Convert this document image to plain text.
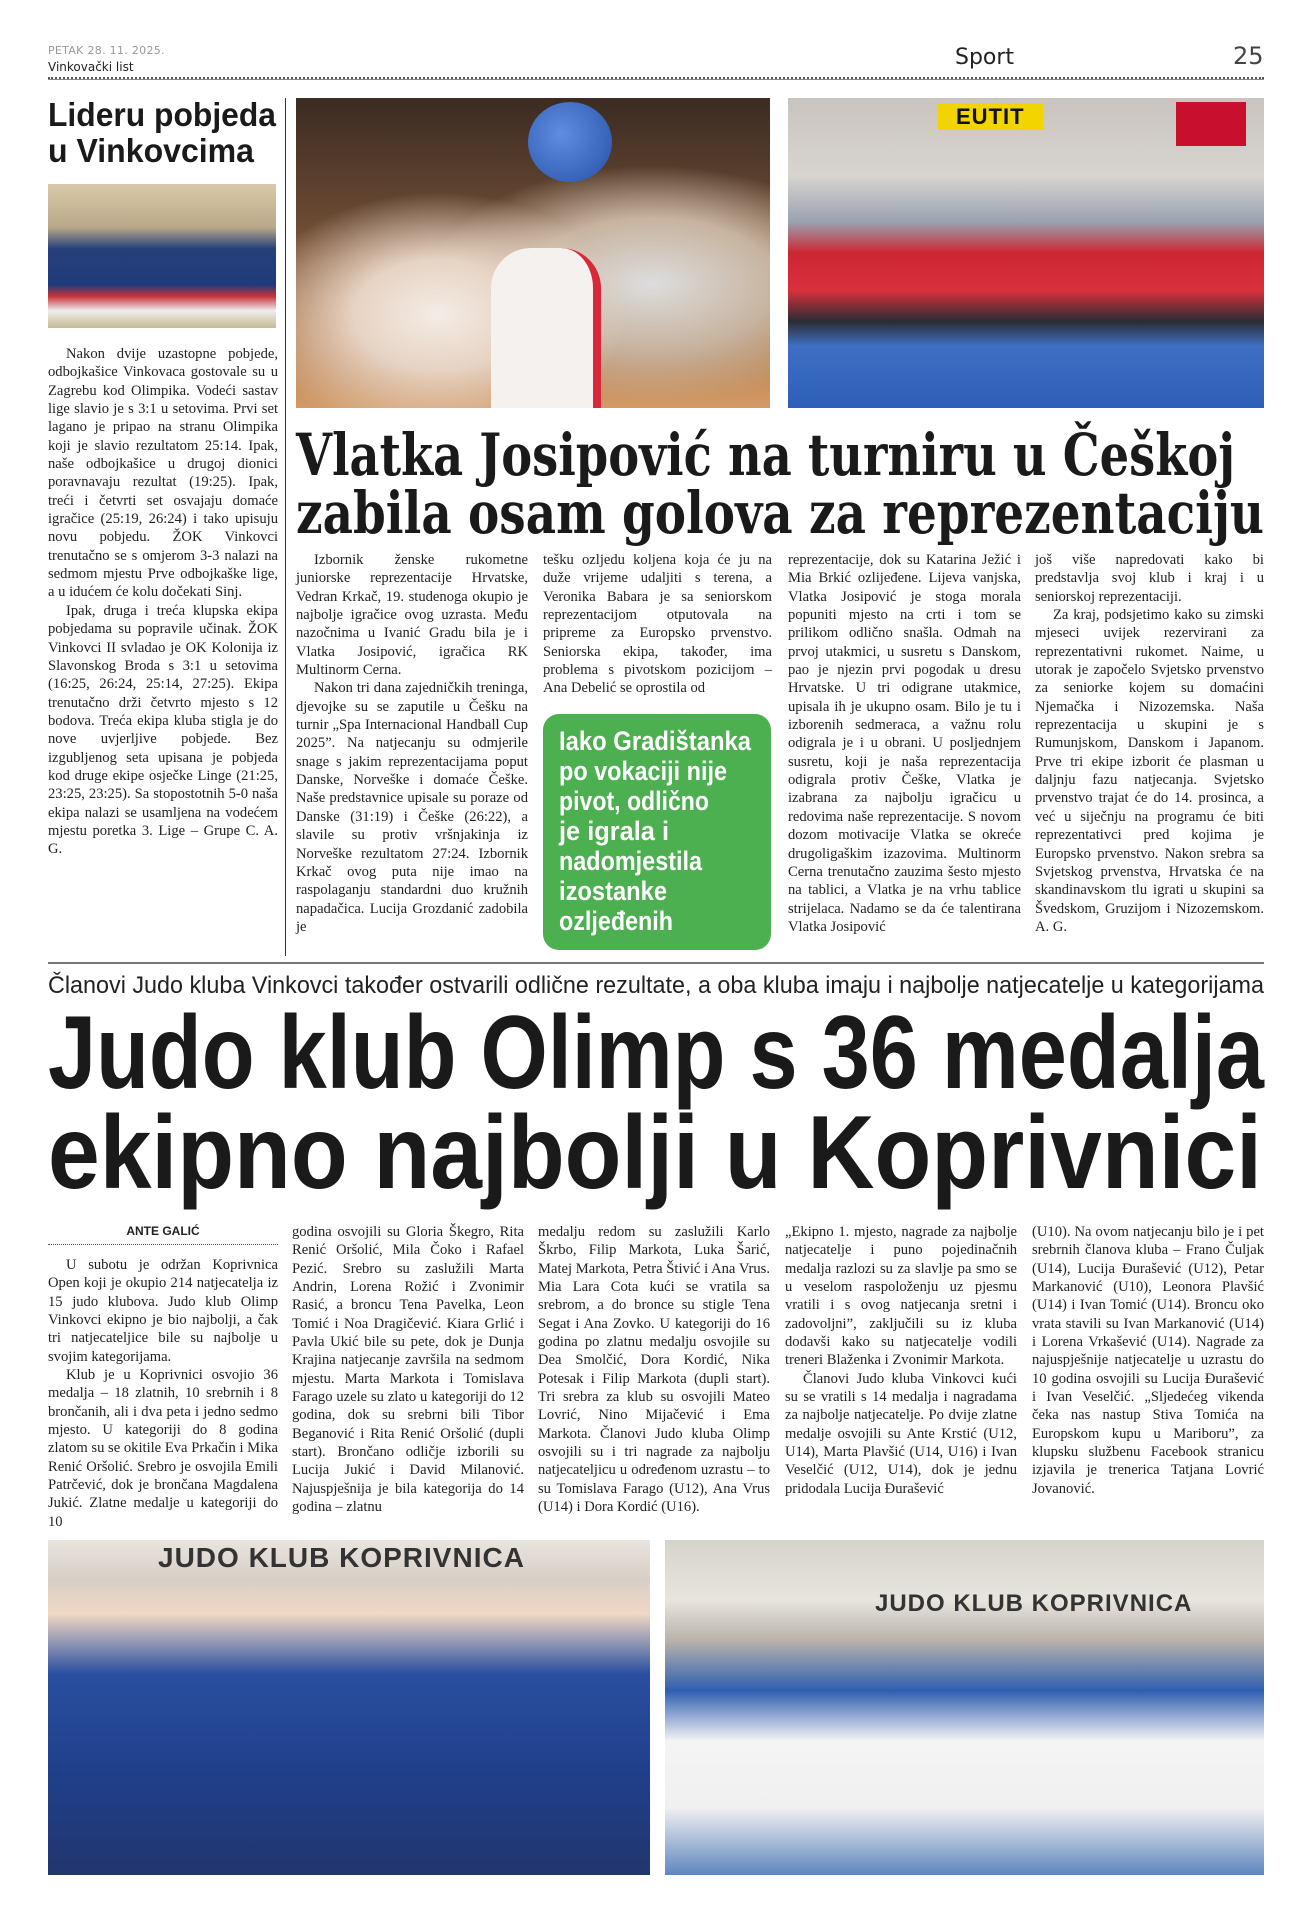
PETAK 28. 11. 2025.
Vinkovački list	Sport	25
Lideru pobjeda
u Vinkovcima

Nakon dvije uzastopne pobjede, odbojkašice Vinkovaca gostovale su u Zagrebu kod Olimpika. Vodeći sastav lige slavio je s 3:1 u setovima. Prvi set lagano je pripao na stranu Olimpika koji je slavio rezultatom 25:14. Ipak, naše odbojkašice u drugoj dionici poravnavaju rezultat (19:25). Ipak, treći i četvrti set osvajaju domaće igračice (25:19, 26:24) i tako upisuju novu pobjedu. ŽOK Vinkovci trenutačno se s omjerom 3-3 nalazi na sedmom mjestu Prve odbojkaške lige, a u idućem će kolu dočekati Sinj.

Ipak, druga i treća klupska ekipa pobjedama su popravile učinak. ŽOK Vinkovci II svladao je OK Kolonija iz Slavonskog Broda s 3:1 u setovima (16:25, 26:24, 25:14, 27:25). Ekipa trenutačno drži četvrto mjesto s 12 bodova. Treća ekipa kluba stigla je do nove uvjerljive pobjede. Bez izgubljenog seta upisana je pobjeda kod druge ekipe osječke Linge (21:25, 23:25, 23:25). Sa stopostotnih 5-0 naša ekipa nalazi se usamljena na vodećem mjestu poretka 3. Lige – Grupe C. A. G.

EUTIT
Vlatka Josipović na turniru u Češkoj
zabila osam golova za reprezentaciju

Izbornik ženske rukometne juniorske reprezentacije Hrvatske, Vedran Krkač, 19. studenoga okupio je najbolje igračice ovog uzrasta. Među nazočnima u Ivanić Gradu bila je i Vlatka Josipović, igračica RK Multinorm Cerna.

Nakon tri dana zajedničkih treninga, djevojke su se zaputile u Češku na turnir „Spa Internacional Handball Cup 2025”. Na natjecanju su odmjerile snage s jakim reprezentacijama poput Danske, Norveške i domaće Češke. Naše predstavnice upisale su poraze od Danske (31:19) i Češke (26:22), a slavile su protiv vršnjakinja iz Norveške rezultatom 27:24. Izbornik Krkač ovog puta nije imao na raspolaganju standardni duo kružnih napadačica. Lucija Grozdanić zadobila je

tešku ozljedu koljena koja će ju na duže vrijeme udaljiti s terena, a Veronika Babara je sa seniorskom reprezentacijom otputovala na pripreme za Europsko prvenstvo. Seniorska ekipa, također, ima problema s pivotskom pozicijom – Ana Debelić se oprostila od

Iako Gradištanka
po vokaciji nije
pivot, odlično
je igrala i
nadomjestila
izostanke
ozljeđenih

reprezentacije, dok su Katarina Ježić i Mia Brkić ozlijeđene. Lijeva vanjska, Vlatka Josipović je stoga morala popuniti mjesto na crti i tom se prilikom odlično snašla. Odmah na prvoj utakmici, u susretu s Danskom, pao je njezin prvi pogodak u dresu Hrvatske. U tri odigrane utakmice, upisala ih je ukupno osam. Bilo je tu i izborenih sedmeraca, a važnu rolu odigrala je i u obrani. U posljednjem susretu, koji je naša reprezentacija odigrala protiv Češke, Vlatka je izabrana za najbolju igračicu u redovima naše reprezentacije. S novom dozom motivacije Vlatka se okreće drugoligaškim izazovima. Multinorm Cerna trenutačno zauzima šesto mjesto na tablici, a Vlatka je na vrhu tablice strijelaca. Nadamo se da će talentirana Vlatka Josipović

još više napredovati kako bi predstavlja svoj klub i kraj i u seniorskoj reprezentaciji.

Za kraj, podsjetimo kako su zimski mjeseci uvijek rezervirani za reprezentativni rukomet. Naime, u utorak je započelo Svjetsko prvenstvo za seniorke kojem su domaćini Njemačka i Nizozemska. Naša reprezentacija u skupini je s Rumunjskom, Danskom i Japanom. Prve tri ekipe izborit će plasman u daljnju fazu natjecanja. Svjetsko prvenstvo trajat će do 14. prosinca, a već u siječnju na programu će biti reprezentativci pred kojima je Europsko prvenstvo. Nakon srebra sa Svjetskog prvenstva, Hrvatska će na skandinavskom tlu igrati u skupini sa Švedskom, Gruzijom i Nizozemskom. A. G.

Članovi Judo kluba Vinkovci također ostvarili odlične rezultate, a oba kluba imaju i najbolje natjecatelje u kategorijama
Judo klub Olimp s 36 medalja
ekipno najbolji u Koprivnici
ANTE GALIĆ

U subotu je održan Koprivnica Open koji je okupio 214 natjecatelja iz 15 judo klubova. Judo klub Olimp Vinkovci ekipno je bio najbolji, a čak tri natjecateljice bile su najbolje u svojim kategorijama.

Klub je u Koprivnici osvojio 36 medalja – 18 zlatnih, 10 srebrnih i 8 brončanih, ali i dva peta i jedno sedmo mjesto. U kategoriji do 8 godina zlatom su se okitile Eva Prkačin i Mika Renić Oršolić. Srebro je osvojila Emili Patrčević, dok je brončana Magdalena Jukić. Zlatne medalje u kategoriji do 10

godina osvojili su Gloria Škegro, Rita Renić Oršolić, Mila Čoko i Rafael Pezić. Srebro su zaslužili Marta Andrin, Lorena Rožić i Zvonimir Rasić, a broncu Tena Pavelka, Leon Tomić i Noa Dragičević. Kiara Grlić i Pavla Ukić bile su pete, dok je Dunja Krajina natjecanje završila na sedmom mjestu. Marta Markota i Tomislava Farago uzele su zlato u kategoriji do 12 godina, dok su srebrni bili Tibor Beganović i Rita Renić Oršolić (dupli start). Brončano odličje izborili su Lucija Jukić i David Milanović. Najuspješnija je bila kategorija do 14 godina – zlatnu

medalju redom su zaslužili Karlo Škrbo, Filip Markota, Luka Šarić, Matej Markota, Petra Štivić i Ana Vrus. Mia Lara Cota kući se vratila sa srebrom, a do bronce su stigle Tena Segat i Ana Zovko. U kategoriji do 16 godina po zlatnu medalju osvojile su Dea Smolčić, Dora Kordić, Nika Potesak i Filip Markota (dupli start). Tri srebra za klub su osvojili Mateo Lovrić, Nino Mijačević i Ema Markota. Članovi Judo kluba Olimp osvojili su i tri nagrade za najbolju natjecateljicu u određenom uzrastu – to su Tomislava Farago (U12), Ana Vrus (U14) i Dora Kordić (U16).

„Ekipno 1. mjesto, nagrade za najbolje natjecatelje i puno pojedinačnih medalja razlozi su za slavlje pa smo se u veselom raspoloženju uz pjesmu vratili i s ovog natjecanja sretni i zadovoljni”, zaključili su iz kluba dodavši kako su natjecatelje vodili treneri Blaženka i Zvonimir Markota.

Članovi Judo kluba Vinkovci kući su se vratili s 14 medalja i nagradama za najbolje natjecatelje. Po dvije zlatne medalje osvojili su Ante Krstić (U12, U14), Marta Plavšić (U14, U16) i Ivan Veselčić (U12, U14), dok je jednu pridodala Lucija Đurašević

(U10). Na ovom natjecanju bilo je i pet srebrnih članova kluba – Frano Čuljak (U14), Lucija Đurašević (U12), Petar Markanović (U10), Leonora Plavšić (U14) i Ivan Tomić (U14). Broncu oko vrata stavili su Ivan Markanović (U14) i Lorena Vrkašević (U14). Nagrade za najuspješnije natjecatelje u uzrastu do 10 godina osvojili su Lucija Đurašević i Ivan Veselčić. „Sljedećeg vikenda čeka nas nastup Stiva Tomića na Europskom kupu u Mariboru”, za klupsku službenu Facebook stranicu izjavila je trenerica Tatjana Lovrić Jovanović.

JUDO KLUB KOPRIVNICA
JUDO KLUB KOPRIVNICA
